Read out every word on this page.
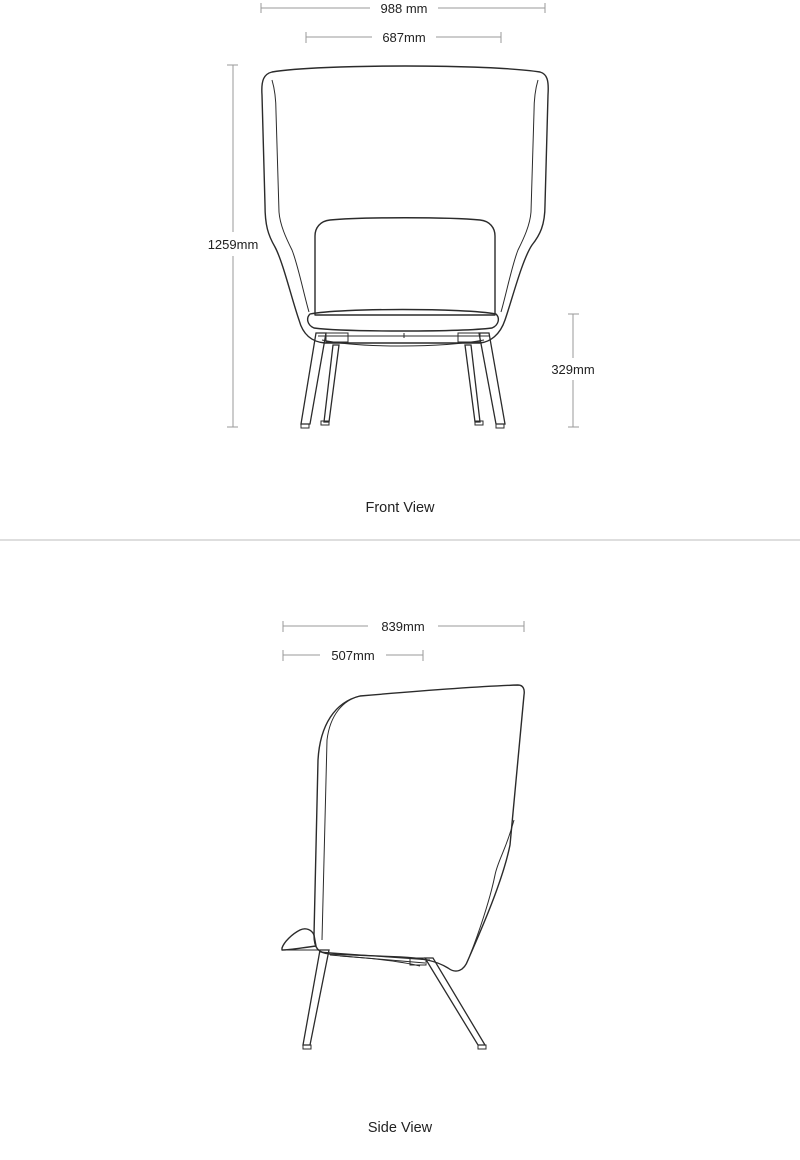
988 mm
687mm
1259mm
329mm
Front View
839mm
507mm
Side View
